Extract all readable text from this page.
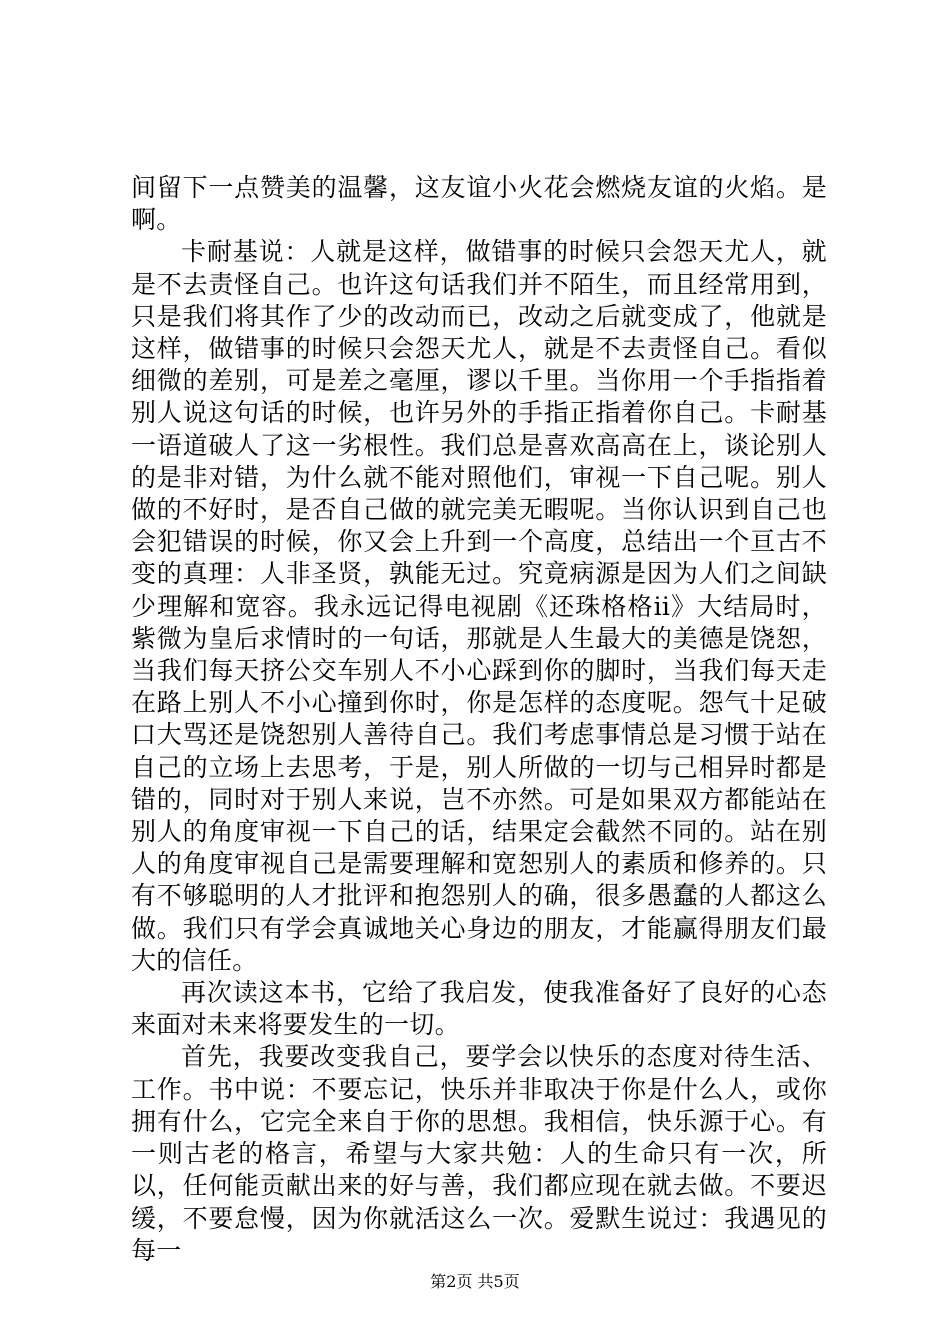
间留下一点赞美的温馨，这友谊小火花会燃烧友谊的火焰。是啊。

卡耐基说：人就是这样，做错事的时候只会怨天尤人，就是不去责怪自己。也许这句话我们并不陌生，而且经常用到，只是我们将其作了少的改动而已，改动之后就变成了，他就是这样，做错事的时候只会怨天尤人，就是不去责怪自己。看似细微的差别，可是差之毫厘，谬以千里。当你用一个手指指着别人说这句话的时候，也许另外的手指正指着你自己。卡耐基一语道破人了这一劣根性。我们总是喜欢高高在上，谈论别人的是非对错，为什么就不能对照他们，审视一下自己呢。别人做的不好时，是否自己做的就完美无暇呢。当你认识到自己也会犯错误的时候，你又会上升到一个高度，总结出一个亘古不变的真理：人非圣贤，孰能无过。究竟病源是因为人们之间缺少理解和宽容。我永远记得电视剧《还珠格格ii》大结局时，紫微为皇后求情时的一句话，那就是人生最大的美德是饶恕，当我们每天挤公交车别人不小心踩到你的脚时，当我们每天走在路上别人不小心撞到你时，你是怎样的态度呢。怨气十足破口大骂还是饶恕别人善待自己。我们考虑事情总是习惯于站在自己的立场上去思考，于是，别人所做的一切与己相异时都是错的，同时对于别人来说，岂不亦然。可是如果双方都能站在别人的角度审视一下自己的话，结果定会截然不同的。站在别人的角度审视自己是需要理解和宽恕别人的素质和修养的。只有不够聪明的人才批评和抱怨别人的确，很多愚蠢的人都这么做。我们只有学会真诚地关心身边的朋友，才能赢得朋友们最大的信任。

再次读这本书，它给了我启发，使我准备好了良好的心态来面对未来将要发生的一切。

首先，我要改变我自己，要学会以快乐的态度对待生活、工作。书中说：不要忘记，快乐并非取决于你是什么人，或你拥有什么，它完全来自于你的思想。我相信，快乐源于心。有一则古老的格言，希望与大家共勉：人的生命只有一次，所以，任何能贡献出来的好与善，我们都应现在就去做。不要迟缓，不要怠慢，因为你就活这么一次。爱默生说过：我遇见的每一

第2页 共5页
